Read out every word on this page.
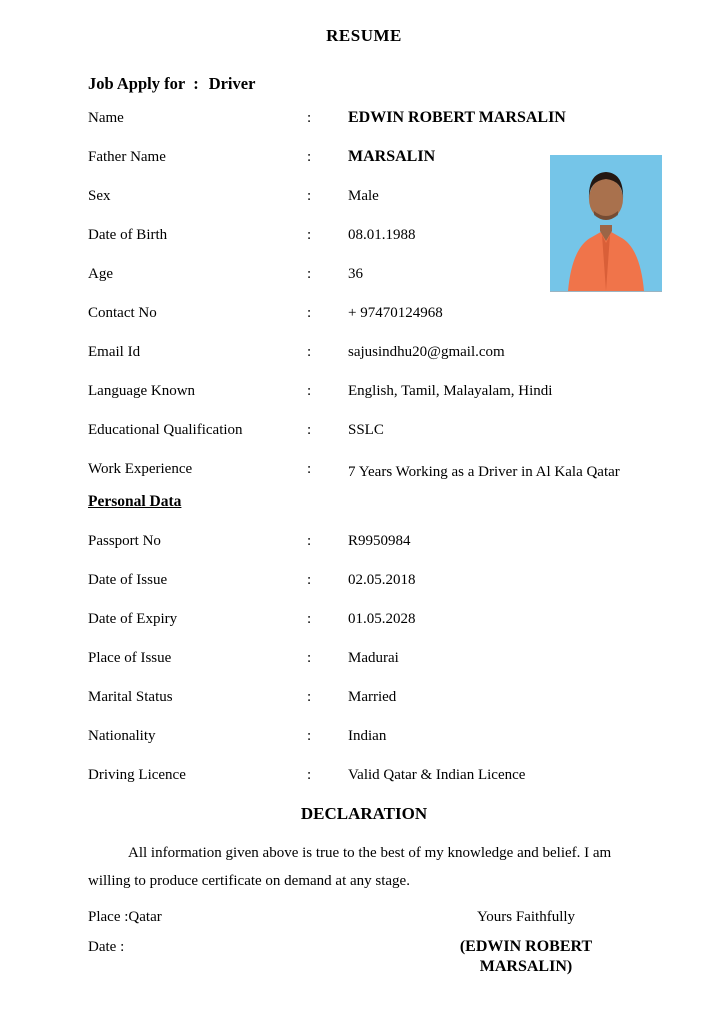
RESUME
Job Apply for : Driver
Name	:	EDWIN ROBERT MARSALIN
Father Name	:	MARSALIN
Sex	:	Male
Date of Birth	:	08.01.1988
Age	:	36
Contact No	:	+ 97470124968
Email Id	:	sajusindhu20@gmail.com
Language Known	:	English, Tamil, Malayalam, Hindi
Educational Qualification	:	SSLC
Work Experience	:	7 Years Working as a Driver in Al Kala Qatar
Personal Data
Passport No	:	R9950984
Date of Issue	:	02.05.2018
Date of Expiry	:	01.05.2028
Place of Issue	:	Madurai
Marital Status	:	Married
Nationality	:	Indian
Driving Licence	:	Valid Qatar & Indian Licence
DECLARATION

All information given above is true to the best of my knowledge and belief. I am willing to produce certificate on demand at any stage.

Place :Qatar	Yours Faithfully
Date :	(EDWIN ROBERT MARSALIN)
